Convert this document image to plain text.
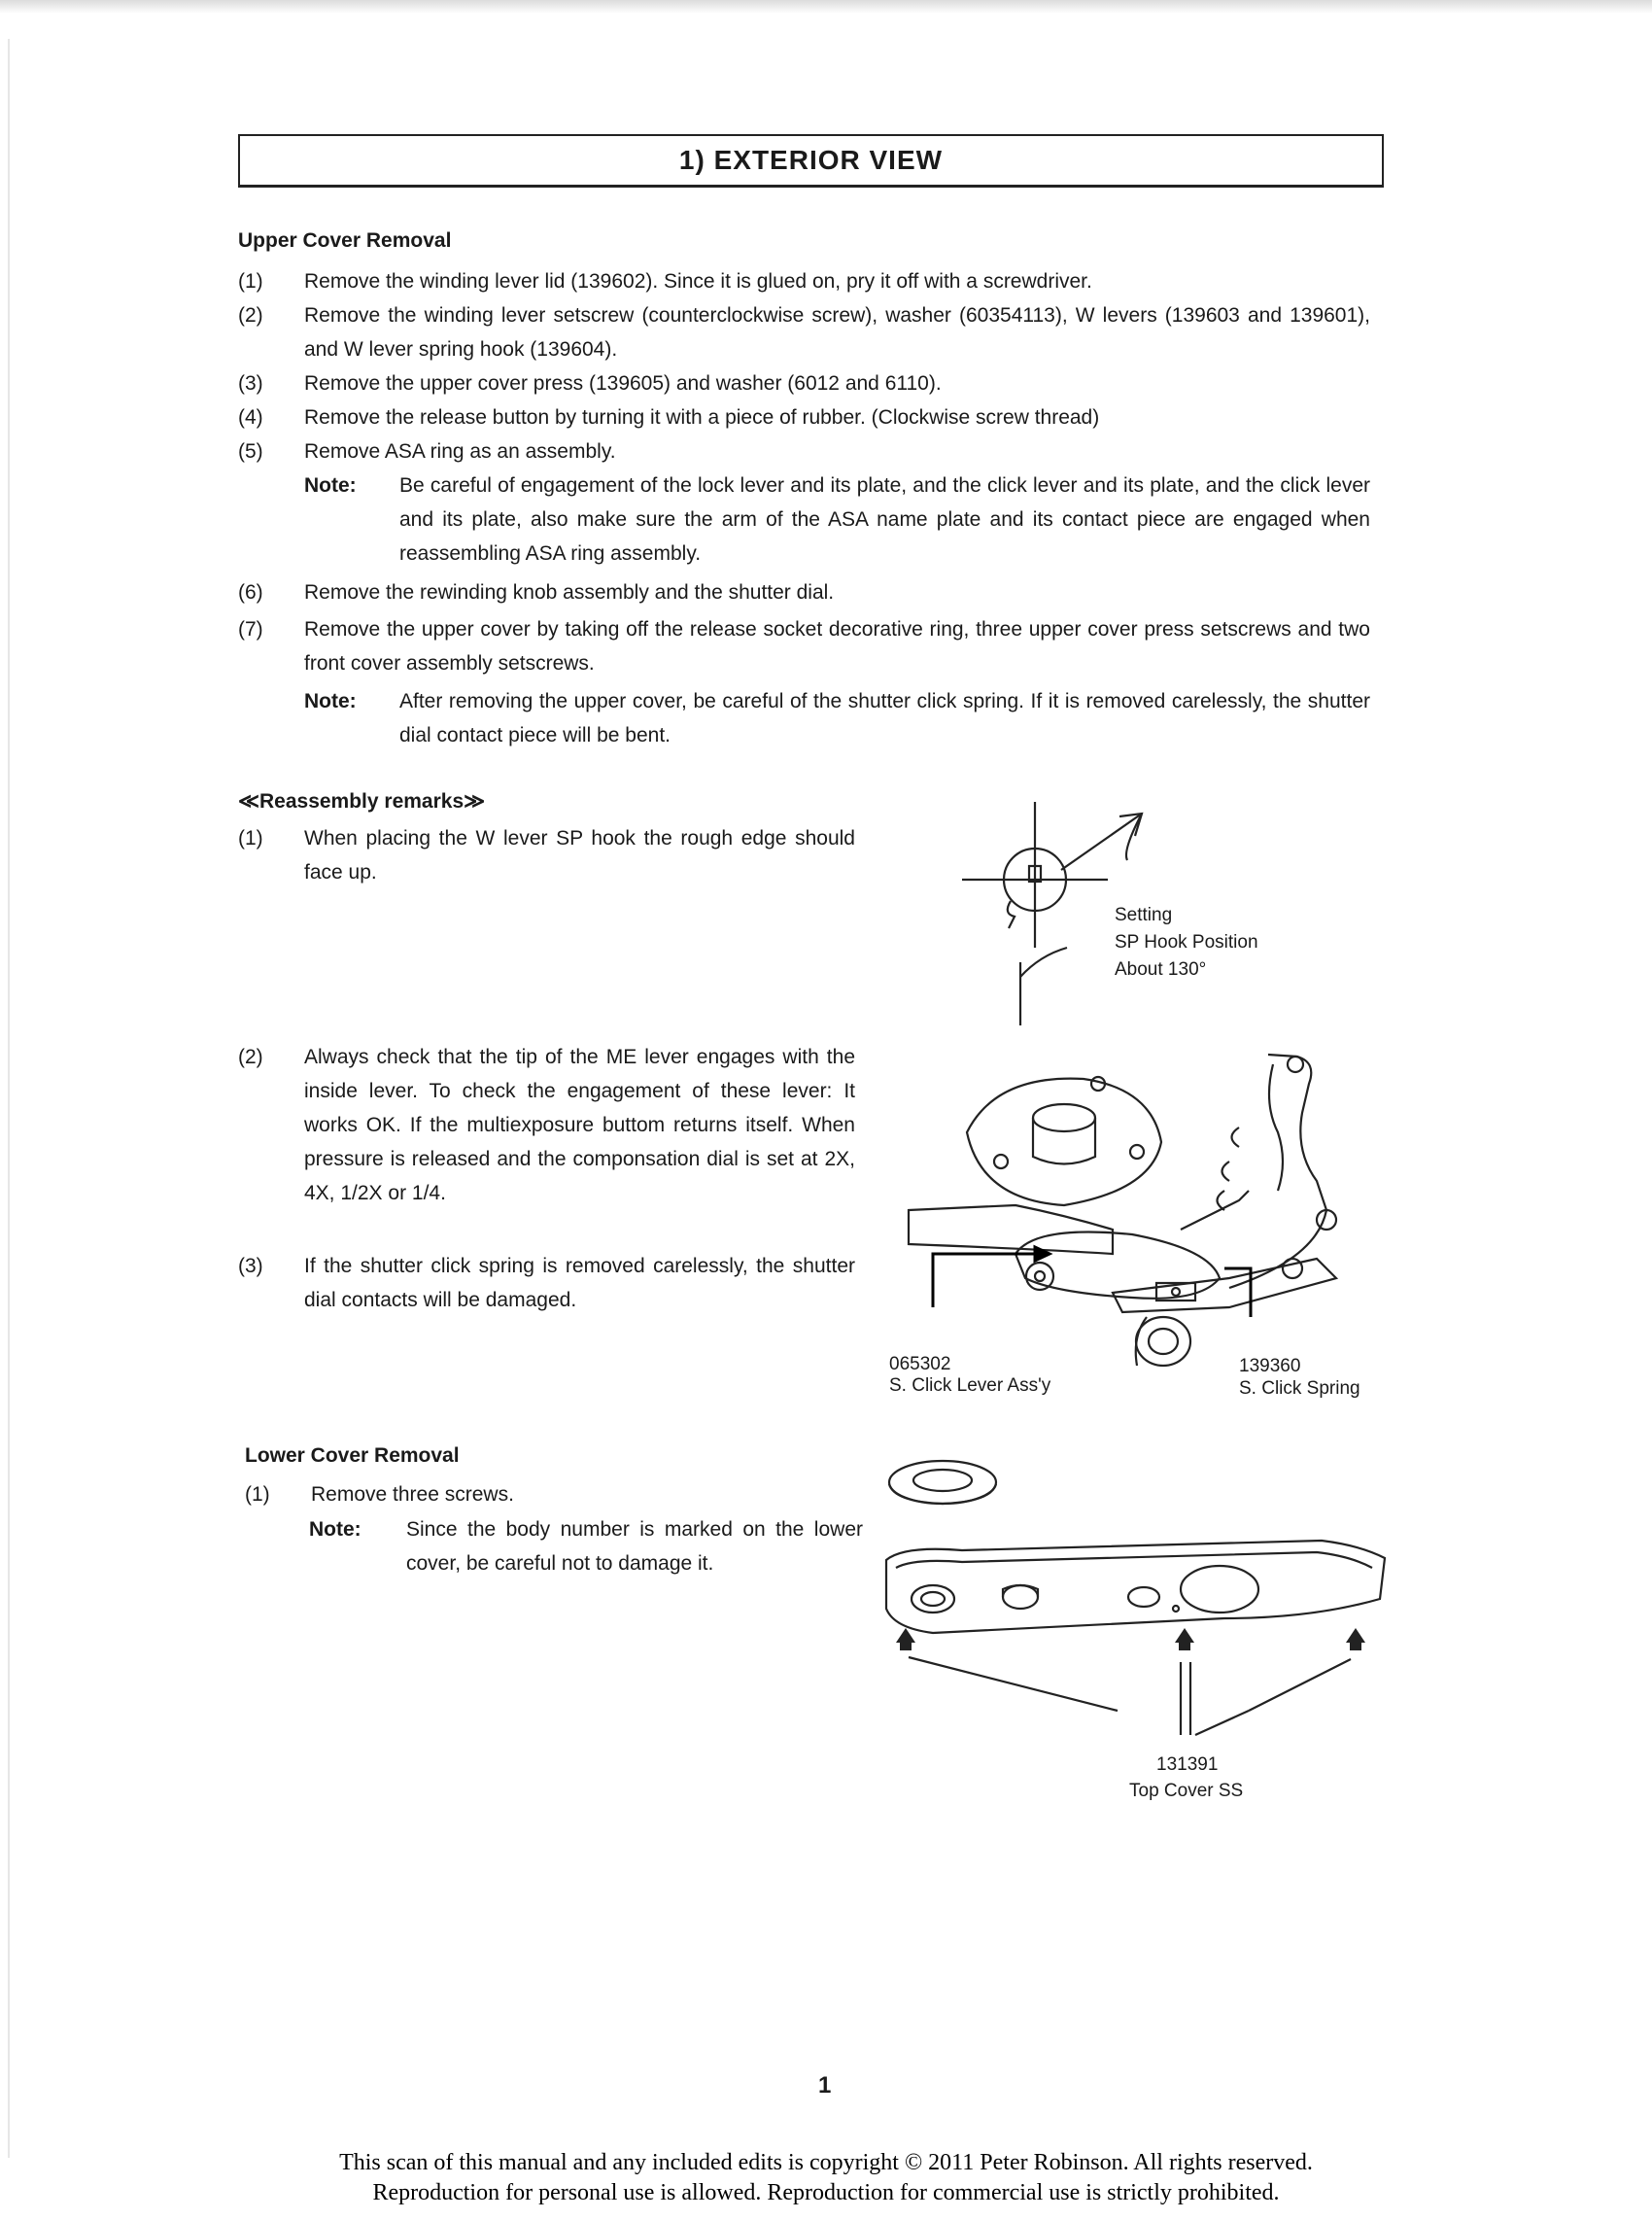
1) EXTERIOR VIEW
Upper Cover Removal
(1) Remove the winding lever lid (139602). Since it is glued on, pry it off with a screwdriver.
(2) Remove the winding lever setscrew (counterclockwise screw), washer (60354113), W levers (139603 and 139601), and W lever spring hook (139604).
(3) Remove the upper cover press (139605) and washer (6012 and 6110).
(4) Remove the release button by turning it with a piece of rubber. (Clockwise screw thread)
(5) Remove ASA ring as an assembly.
Note: Be careful of engagement of the lock lever and its plate, and the click lever and its plate, and the click lever and its plate, also make sure the arm of the ASA name plate and its contact piece are engaged when reassembling ASA ring assembly.
(6) Remove the rewinding knob assembly and the shutter dial.
(7) Remove the upper cover by taking off the release socket decorative ring, three upper cover press setscrews and two front cover assembly setscrews.
Note: After removing the upper cover, be careful of the shutter click spring. If it is removed carelessly, the shutter dial contact piece will be bent.
≪Reassembly remarks≫
(1) When placing the W lever SP hook the rough edge should face up.
(2) Always check that the tip of the ME lever engages with the inside lever. To check the engagement of these lever: It works OK. If the multiexposure buttom returns itself. When pressure is released and the componsation dial is set at 2X, 4X, 1/2X or 1/4.
(3) If the shutter click spring is removed carelessly, the shutter dial contacts will be damaged.
Setting
SP Hook Position
About 130°
065302
S. Click Lever Ass'y
139360
S. Click Spring
Lower Cover Removal
(1) Remove three screws.
Note: Since the body number is marked on the lower cover, be careful not to damage it.
131391
Top Cover SS
1
This scan of this manual and any included edits is copyright © 2011 Peter Robinson. All rights reserved.
Reproduction for personal use is allowed. Reproduction for commercial use is strictly prohibited.
